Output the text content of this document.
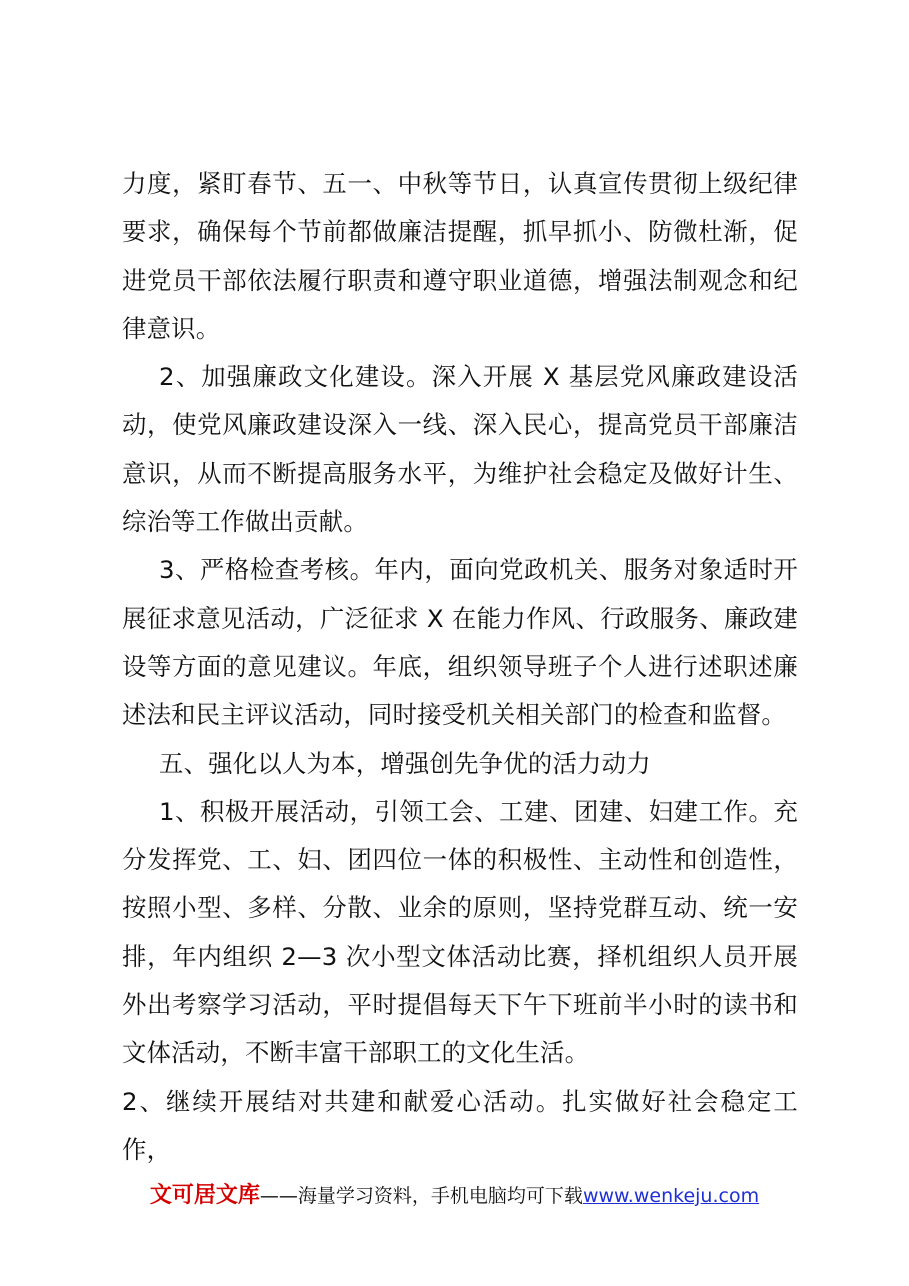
力度，紧盯春节、五一、中秋等节日，认真宣传贯彻上级纪律要求，确保每个节前都做廉洁提醒，抓早抓小、防微杜渐，促进党员干部依法履行职责和遵守职业道德，增强法制观念和纪律意识。

2、加强廉政文化建设。深入开展 X 基层党风廉政建设活动，使党风廉政建设深入一线、深入民心，提高党员干部廉洁意识，从而不断提高服务水平，为维护社会稳定及做好计生、综治等工作做出贡献。

3、严格检查考核。年内，面向党政机关、服务对象适时开展征求意见活动，广泛征求 X 在能力作风、行政服务、廉政建设等方面的意见建议。年底，组织领导班子个人进行述职述廉述法和民主评议活动，同时接受机关相关部门的检查和监督。

五、强化以人为本，增强创先争优的活力动力

1、积极开展活动，引领工会、工建、团建、妇建工作。充分发挥党、工、妇、团四位一体的积极性、主动性和创造性，按照小型、多样、分散、业余的原则，坚持党群互动、统一安排，年内组织 2—3 次小型文体活动比赛，择机组织人员开展外出考察学习活动，平时提倡每天下午下班前半小时的读书和文体活动，不断丰富干部职工的文化生活。

2、继续开展结对共建和献爱心活动。扎实做好社会稳定工作，

文可居文库——海量学习资料，手机电脑均可下载www.wenkeju.com
